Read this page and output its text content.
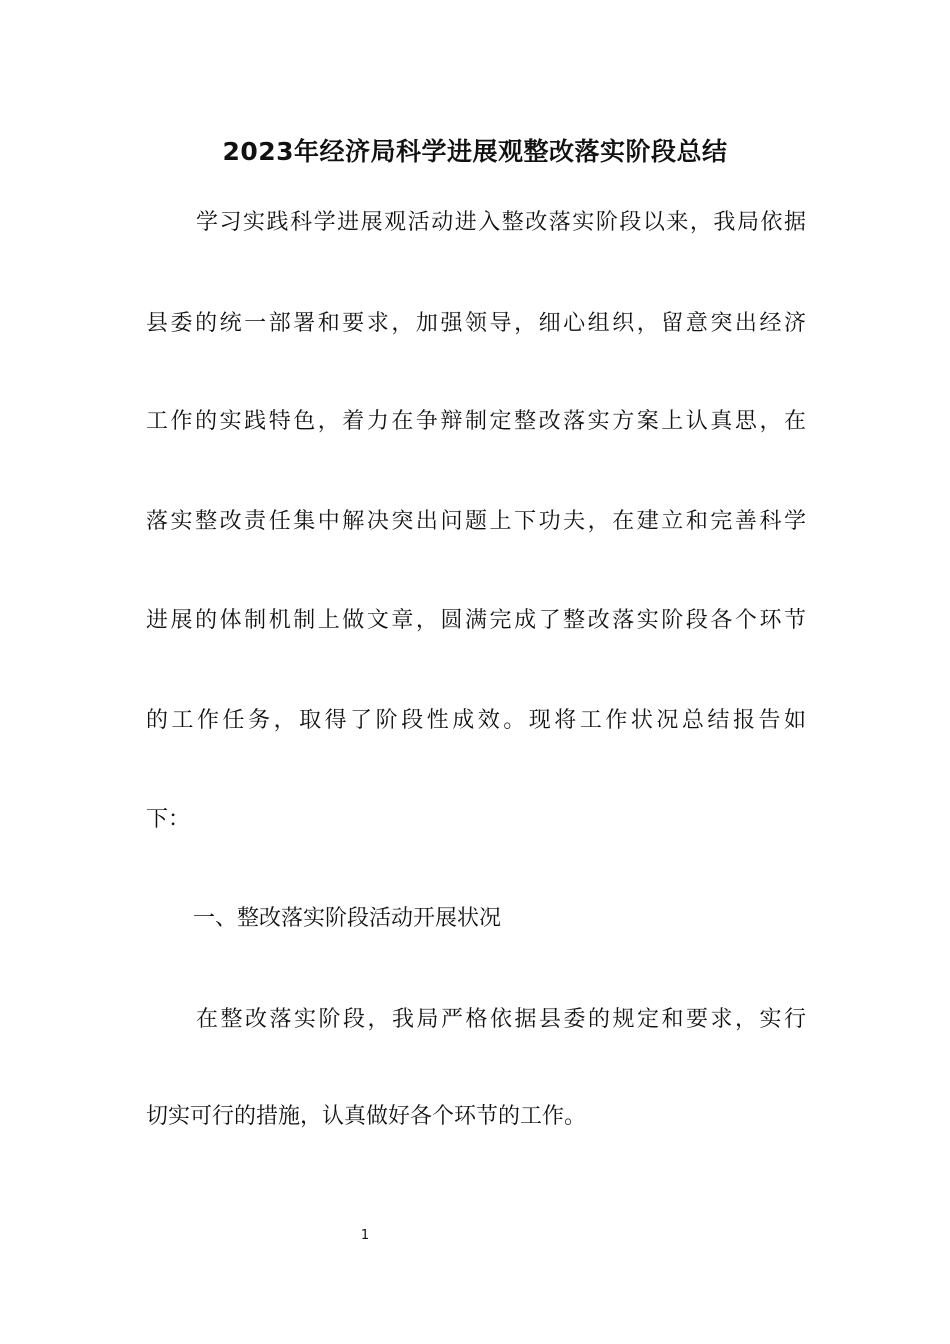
2023年经济局科学进展观整改落实阶段总结
学习实践科学进展观活动进入整改落实阶段以来，我局依据
县委的统一部署和要求，加强领导，细心组织，留意突出经济
工作的实践特色，着力在争辩制定整改落实方案上认真思，在
落实整改责任集中解决突出问题上下功夫，在建立和完善科学
进展的体制机制上做文章，圆满完成了整改落实阶段各个环节
的工作任务，取得了阶段性成效。现将工作状况总结报告如
下：
一、整改落实阶段活动开展状况
在整改落实阶段，我局严格依据县委的规定和要求，实行
切实可行的措施，认真做好各个环节的工作。
1
